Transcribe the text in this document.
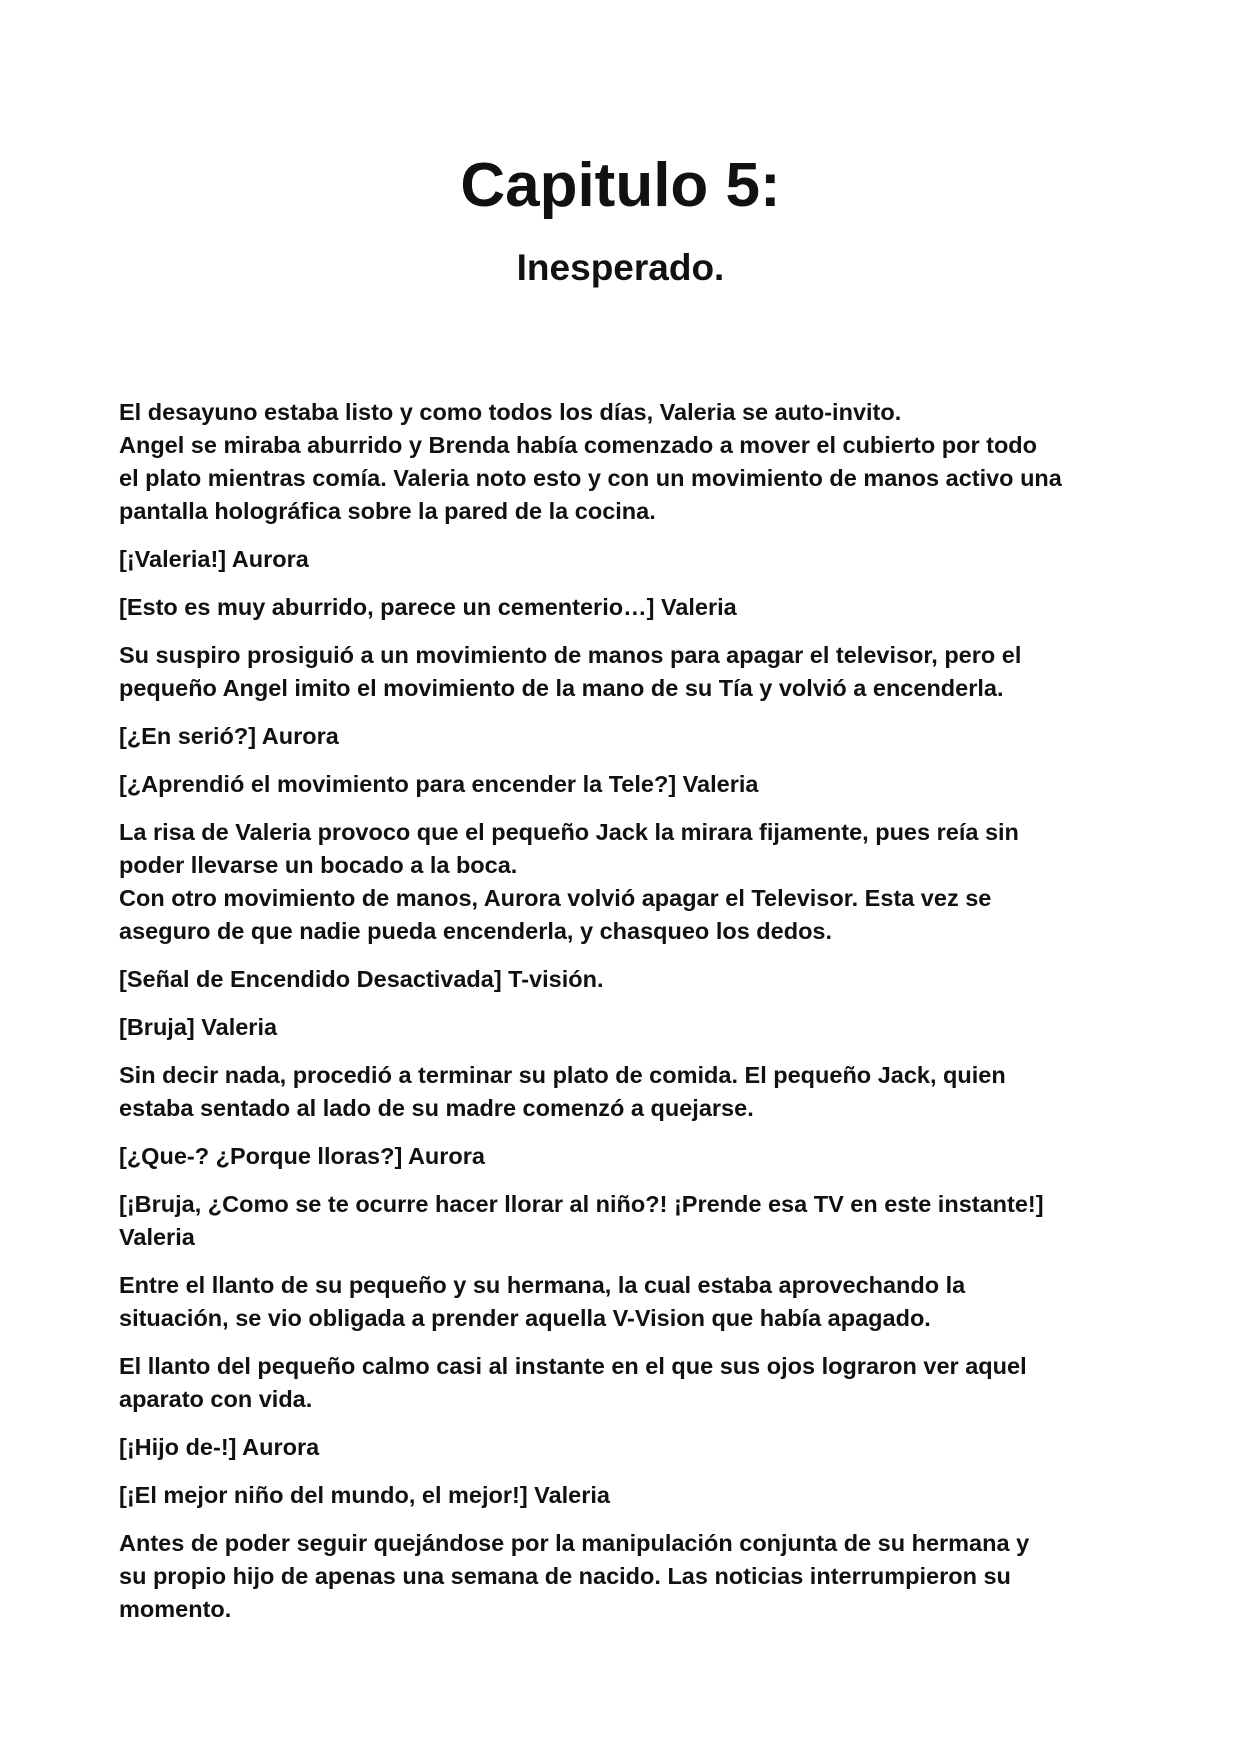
Capitulo 5:
Inesperado.

El desayuno estaba listo y como todos los días, Valeria se auto-invito.
Angel se miraba aburrido y Brenda había comenzado a mover el cubierto por todo
el plato mientras comía. Valeria noto esto y con un movimiento de manos activo una
pantalla holográfica sobre la pared de la cocina.

[¡Valeria!] Aurora

[Esto es muy aburrido, parece un cementerio…] Valeria

Su suspiro prosiguió a un movimiento de manos para apagar el televisor, pero el
pequeño Angel imito el movimiento de la mano de su Tía y volvió a encenderla.

[¿En serió?] Aurora

[¿Aprendió el movimiento para encender la Tele?] Valeria

La risa de Valeria provoco que el pequeño Jack la mirara fijamente, pues reía sin
poder llevarse un bocado a la boca.
Con otro movimiento de manos, Aurora volvió apagar el Televisor. Esta vez se
aseguro de que nadie pueda encenderla, y chasqueo los dedos.

[Señal de Encendido Desactivada] T-visión.

[Bruja] Valeria

Sin decir nada, procedió a terminar su plato de comida. El pequeño Jack, quien
estaba sentado al lado de su madre comenzó a quejarse.

[¿Que-? ¿Porque lloras?] Aurora

[¡Bruja, ¿Como se te ocurre hacer llorar al niño?! ¡Prende esa TV en este instante!]
Valeria

Entre el llanto de su pequeño y su hermana, la cual estaba aprovechando la
situación, se vio obligada a prender aquella V-Vision que había apagado.

El llanto del pequeño calmo casi al instante en el que sus ojos lograron ver aquel
aparato con vida.

[¡Hijo de-!] Aurora

[¡El mejor niño del mundo, el mejor!] Valeria

Antes de poder seguir quejándose por la manipulación conjunta de su hermana y
su propio hijo de apenas una semana de nacido. Las noticias interrumpieron su
momento.
